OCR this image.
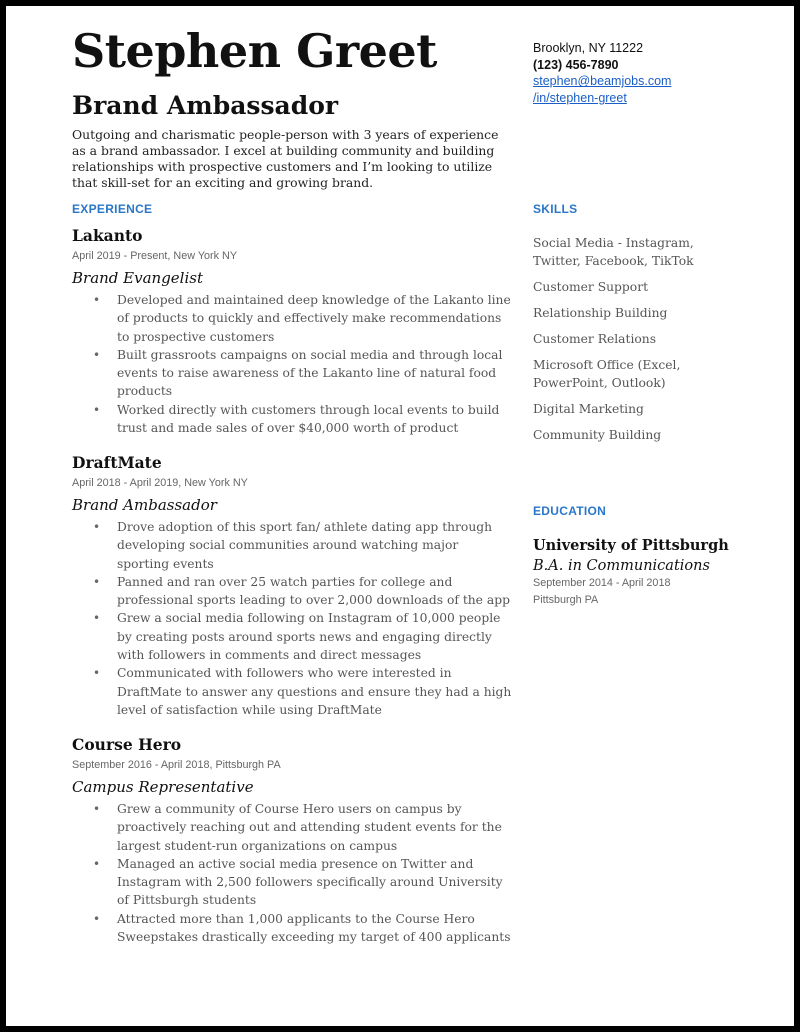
Stephen Greet
Brand Ambassador

Outgoing and charismatic people-person with 3 years of experience as a brand ambassador. I excel at building community and building relationships with prospective customers and I’m looking to utilize that skill-set for an exciting and growing brand.

Brooklyn, NY 11222
(123) 456-7890
stephen@beamjobs.com
/in/stephen-greet
EXPERIENCE	SKILLS
EDUCATION

Lakanto

April 2019 - Present, New York NY

Brand Evangelist

• Developed and maintained deep knowledge of the Lakanto line of products to quickly and effectively make recommendations to prospective customers
• Built grassroots campaigns on social media and through local events to raise awareness of the Lakanto line of natural food products
• Worked directly with customers through local events to build trust and made sales of over $40,000 worth of product

DraftMate

April 2018 - April 2019, New York NY

Brand Ambassador

• Drove adoption of this sport fan/ athlete dating app through developing social communities around watching major sporting events
• Panned and ran over 25 watch parties for college and professional sports leading to over 2,000 downloads of the app
• Grew a social media following on Instagram of 10,000 people by creating posts around sports news and engaging directly with followers in comments and direct messages
• Communicated with followers who were interested in DraftMate to answer any questions and ensure they had a high level of satisfaction while using DraftMate

Course Hero

September 2016 - April 2018, Pittsburgh PA

Campus Representative

• Grew a community of Course Hero users on campus by proactively reaching out and attending student events for the largest student-run organizations on campus
• Managed an active social media presence on Twitter and Instagram with 2,500 followers specifically around University of Pittsburgh students
• Attracted more than 1,000 applicants to the Course Hero Sweepstakes drastically exceeding my target of 400 applicants

Social Media - Instagram, Twitter, Facebook, TikTok

Customer Support

Relationship Building

Customer Relations

Microsoft Office (Excel, PowerPoint, Outlook)

Digital Marketing

Community Building

University of Pittsburgh

B.A. in Communications

September 2014 - April 2018

Pittsburgh PA
